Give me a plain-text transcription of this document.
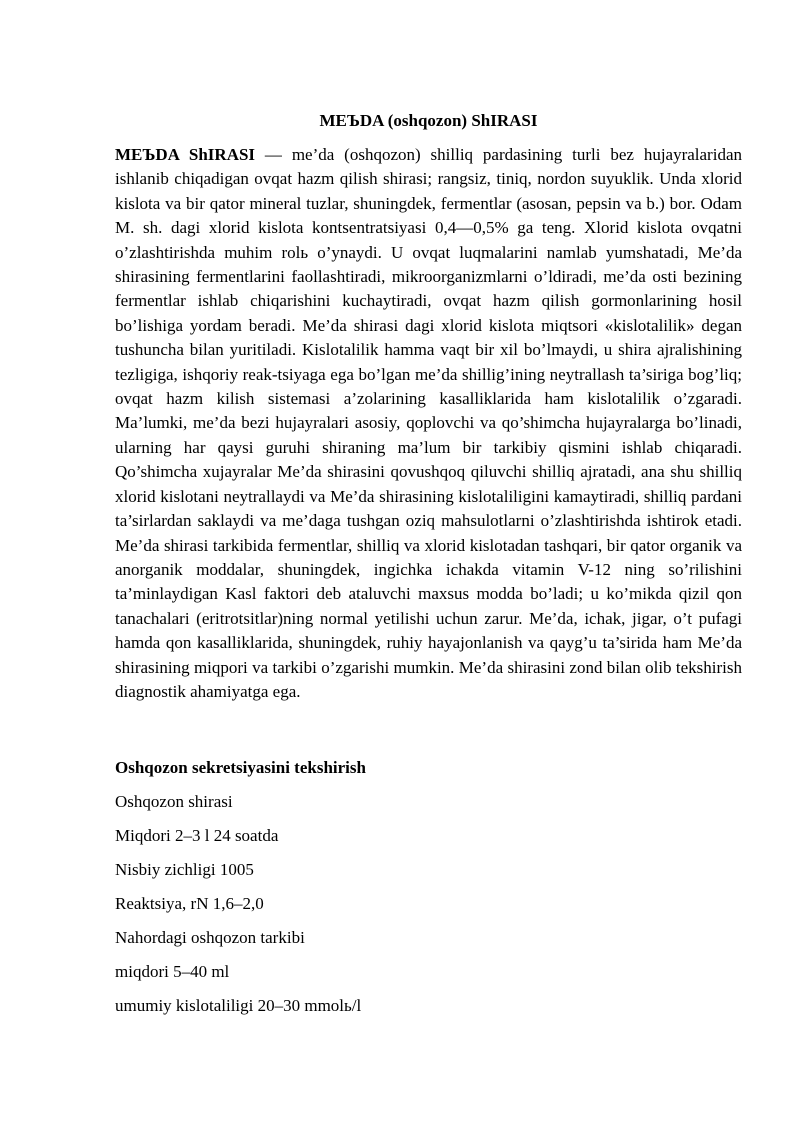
MEЪDA (oshqozon) ShIRASI

MEЪDA ShIRASI — me’da (oshqozon) shilliq pardasining turli bez hujayralaridan ishlanib chiqadigan ovqat hazm qilish shirasi; rangsiz, tiniq, nordon suyuklik. Unda xlorid kislota va bir qator mineral tuzlar, shuningdek, fermentlar (asosan, pepsin va b.) bor. Odam M. sh. dagi xlorid kislota kontsentratsiyasi 0,4—0,5% ga teng. Xlorid kislota ovqatni o’zlashtirishda muhim rolь o’ynaydi. U ovqat luqmalarini namlab yumshatadi, Me’da shirasining fermentlarini faollashtiradi, mikroorganizmlarni o’ldiradi, me’da osti bezining fermentlar ishlab chiqarishini kuchaytiradi, ovqat hazm qilish gormonlarining hosil bo’lishiga yordam beradi. Me’da shirasi dagi xlorid kislota miqtsori «kislotalilik» degan tushuncha bilan yuritiladi. Kislotalilik hamma vaqt bir xil bo’lmaydi, u shira ajralishining tezligiga, ishqoriy reak-tsiyaga ega bo’lgan me’da shillig’ining neytrallash ta’siriga bog’liq; ovqat hazm kilish sistemasi a’zolarining kasalliklarida ham kislotalilik o’zgaradi. Ma’lumki, me’da bezi hujayralari asosiy, qoplovchi va qo’shimcha hujayralarga bo’linadi, ularning har qaysi guruhi shiraning ma’lum bir tarkibiy qismini ishlab chiqaradi. Qo’shimcha xujayralar Me’da shirasini qovushqoq qiluvchi shilliq ajratadi, ana shu shilliq xlorid kislotani neytrallaydi va Me’da shirasining kislotaliligini kamaytiradi, shilliq pardani ta’sirlardan saklaydi va me’daga tushgan oziq mahsulotlarni o’zlashtirishda ishtirok etadi. Me’da shirasi tarkibida fermentlar, shilliq va xlorid kislotadan tashqari, bir qator organik va anorganik moddalar, shuningdek, ingichka ichakda vitamin V-12 ning so’rilishini ta’minlaydigan Kasl faktori deb ataluvchi maxsus modda bo’ladi; u ko’mikda qizil qon tanachalari (eritrotsitlar)ning normal yetilishi uchun zarur. Me’da, ichak, jigar, o’t pufagi hamda qon kasalliklarida, shuningdek, ruhiy hayajonlanish va qayg’u ta’sirida ham Me’da shirasining miqpori va tarkibi o’zgarishi mumkin. Me’da shirasini zond bilan olib tekshirish diagnostik ahamiyatga ega.

Oshqozon sekretsiyasini tekshirish
Oshqozon shirasi
Miqdori 2–3 l 24 soatda
Nisbiy zichligi 1005
Reaktsiya, rN 1,6–2,0
Nahordagi oshqozon tarkibi
miqdori 5–40 ml
umumiy kislotaliligi 20–30 mmolь/l
